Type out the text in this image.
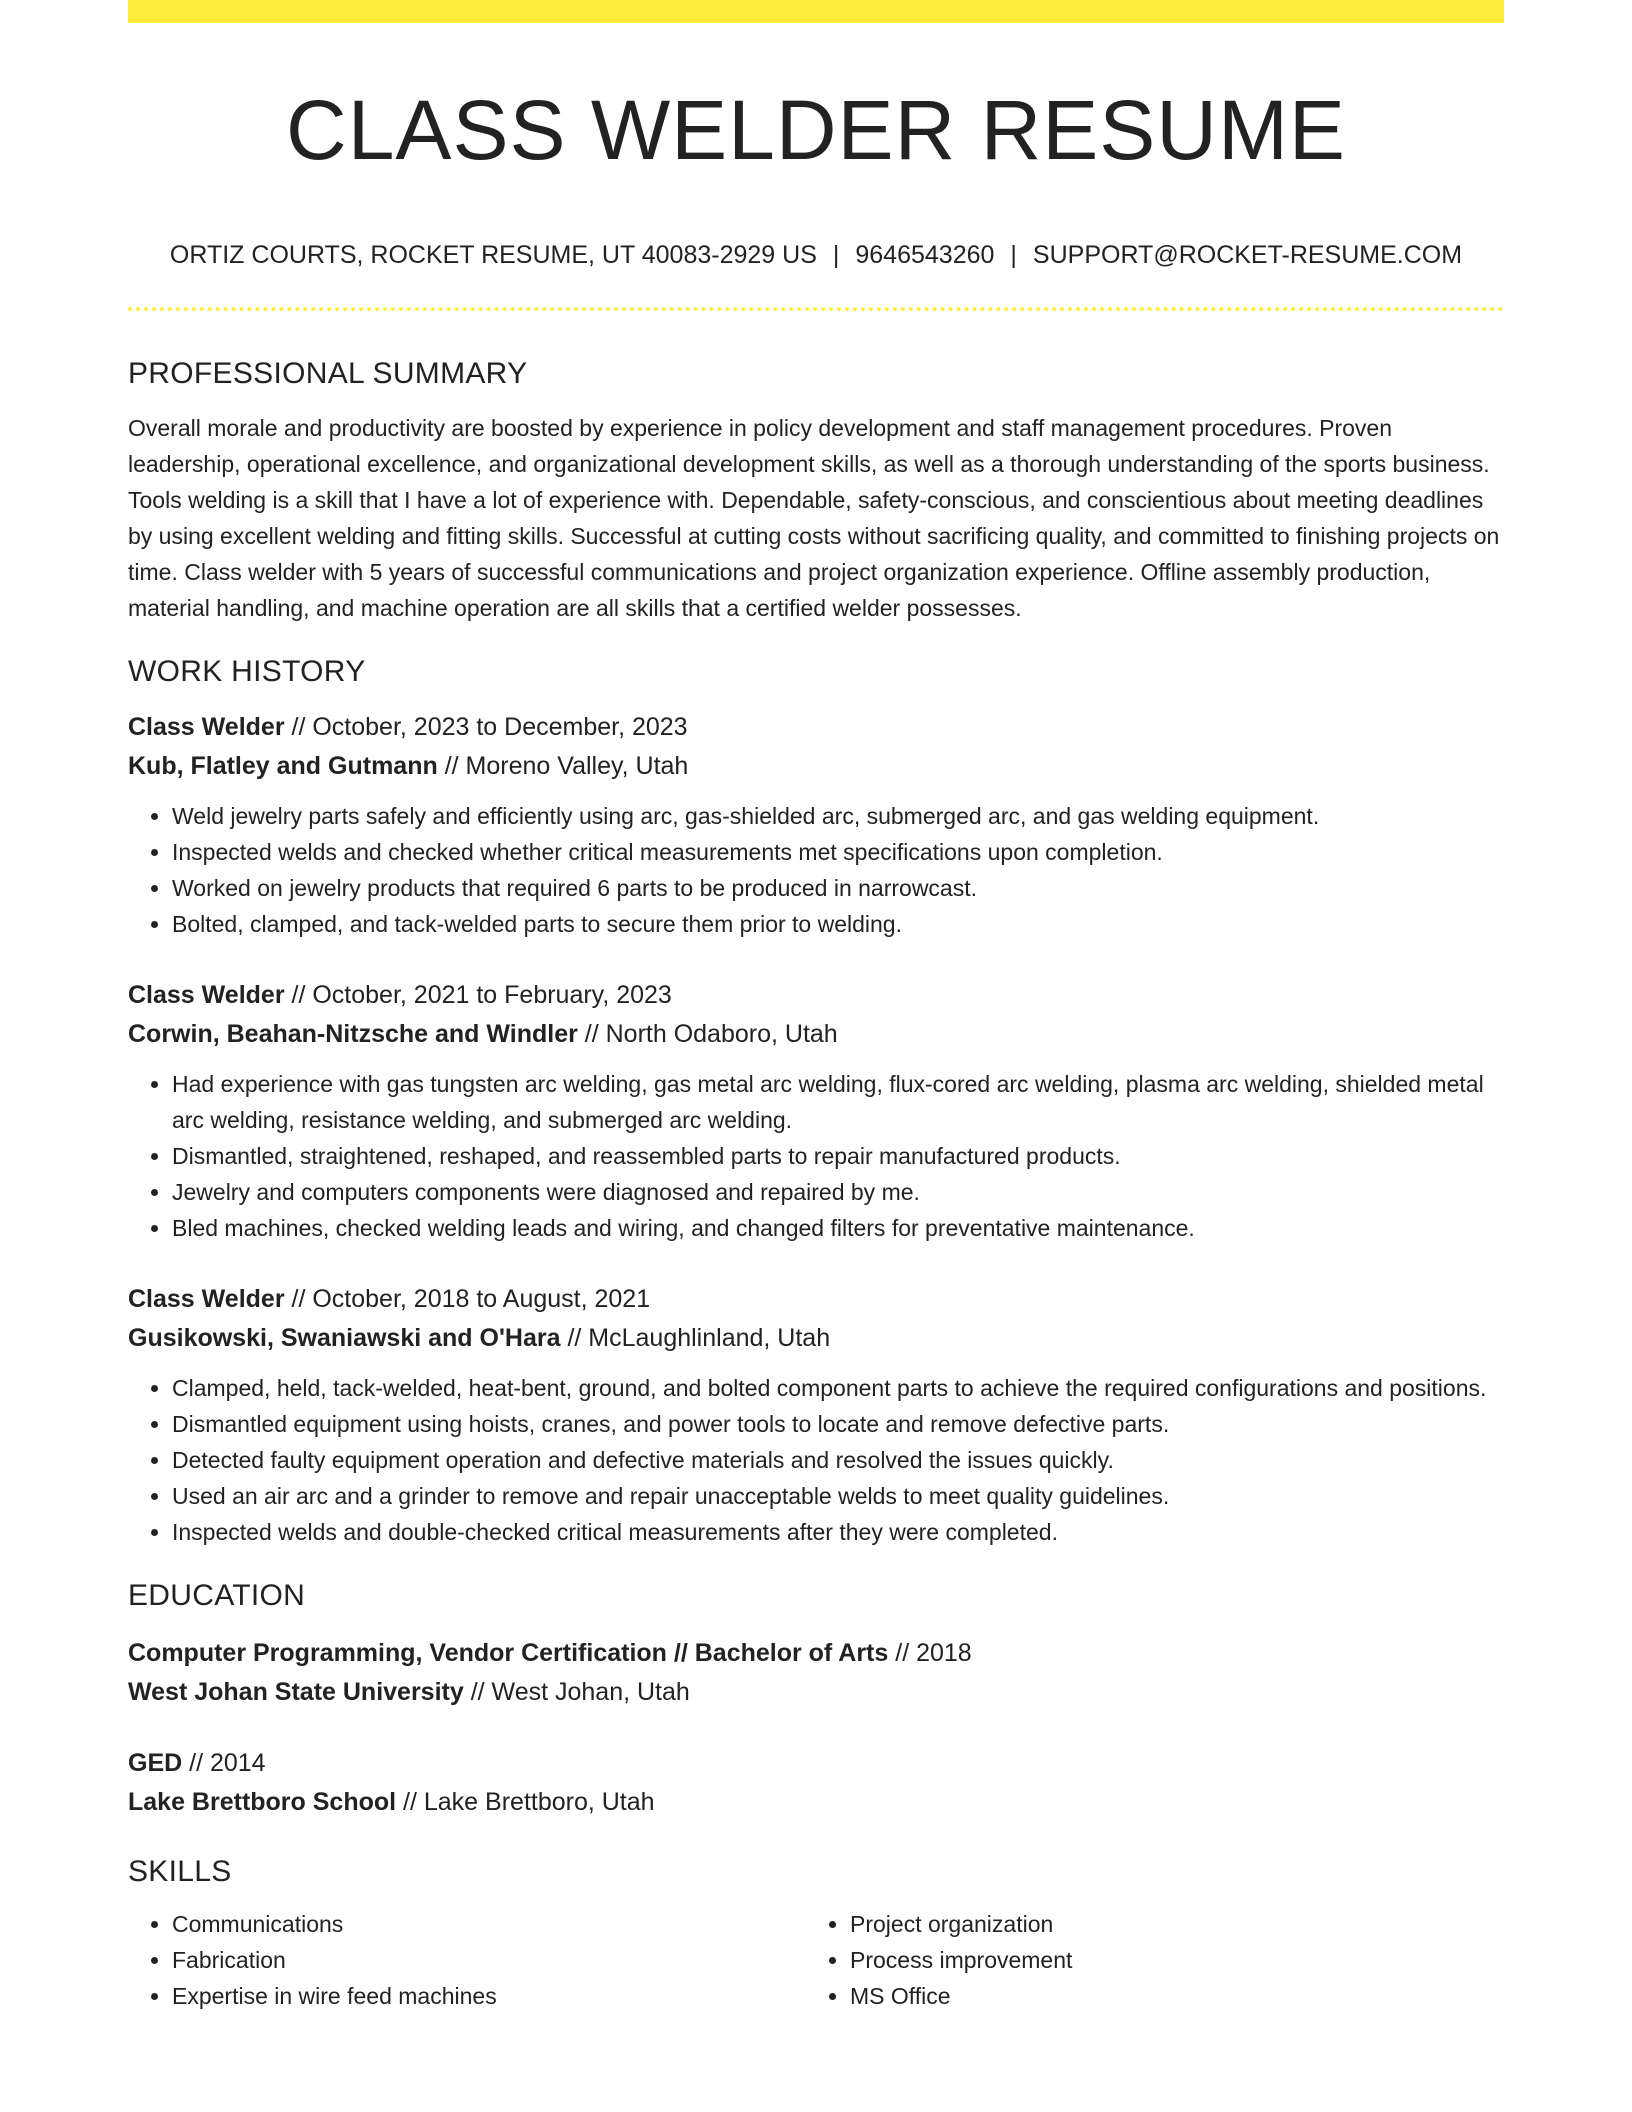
CLASS WELDER RESUME
ORTIZ COURTS, ROCKET RESUME, UT 40083-2929 US | 9646543260 | SUPPORT@ROCKET-RESUME.COM
PROFESSIONAL SUMMARY

Overall morale and productivity are boosted by experience in policy development and staff management procedures. Proven leadership, operational excellence, and organizational development skills, as well as a thorough understanding of the sports business. Tools welding is a skill that I have a lot of experience with. Dependable, safety-conscious, and conscientious about meeting deadlines by using excellent welding and fitting skills. Successful at cutting costs without sacrificing quality, and committed to finishing projects on time. Class welder with 5 years of successful communications and project organization experience. Offline assembly production, material handling, and machine operation are all skills that a certified welder possesses.

WORK HISTORY
Class Welder // October, 2023 to December, 2023
Kub, Flatley and Gutmann // Moreno Valley, Utah
• Weld jewelry parts safely and efficiently using arc, gas-shielded arc, submerged arc, and gas welding equipment.
• Inspected welds and checked whether critical measurements met specifications upon completion.
• Worked on jewelry products that required 6 parts to be produced in narrowcast.
• Bolted, clamped, and tack-welded parts to secure them prior to welding.
Class Welder // October, 2021 to February, 2023
Corwin, Beahan-Nitzsche and Windler // North Odaboro, Utah
• Had experience with gas tungsten arc welding, gas metal arc welding, flux-cored arc welding, plasma arc welding, shielded metal arc welding, resistance welding, and submerged arc welding.
• Dismantled, straightened, reshaped, and reassembled parts to repair manufactured products.
• Jewelry and computers components were diagnosed and repaired by me.
• Bled machines, checked welding leads and wiring, and changed filters for preventative maintenance.
Class Welder // October, 2018 to August, 2021
Gusikowski, Swaniawski and O'Hara // McLaughlinland, Utah
• Clamped, held, tack-welded, heat-bent, ground, and bolted component parts to achieve the required configurations and positions.
• Dismantled equipment using hoists, cranes, and power tools to locate and remove defective parts.
• Detected faulty equipment operation and defective materials and resolved the issues quickly.
• Used an air arc and a grinder to remove and repair unacceptable welds to meet quality guidelines.
• Inspected welds and double-checked critical measurements after they were completed.
EDUCATION
Computer Programming, Vendor Certification // Bachelor of Arts // 2018
West Johan State University // West Johan, Utah
GED // 2014
Lake Brettboro School // Lake Brettboro, Utah
SKILLS
• Communications
• Fabrication
• Expertise in wire feed machines
• Project organization
• Process improvement
• MS Office
